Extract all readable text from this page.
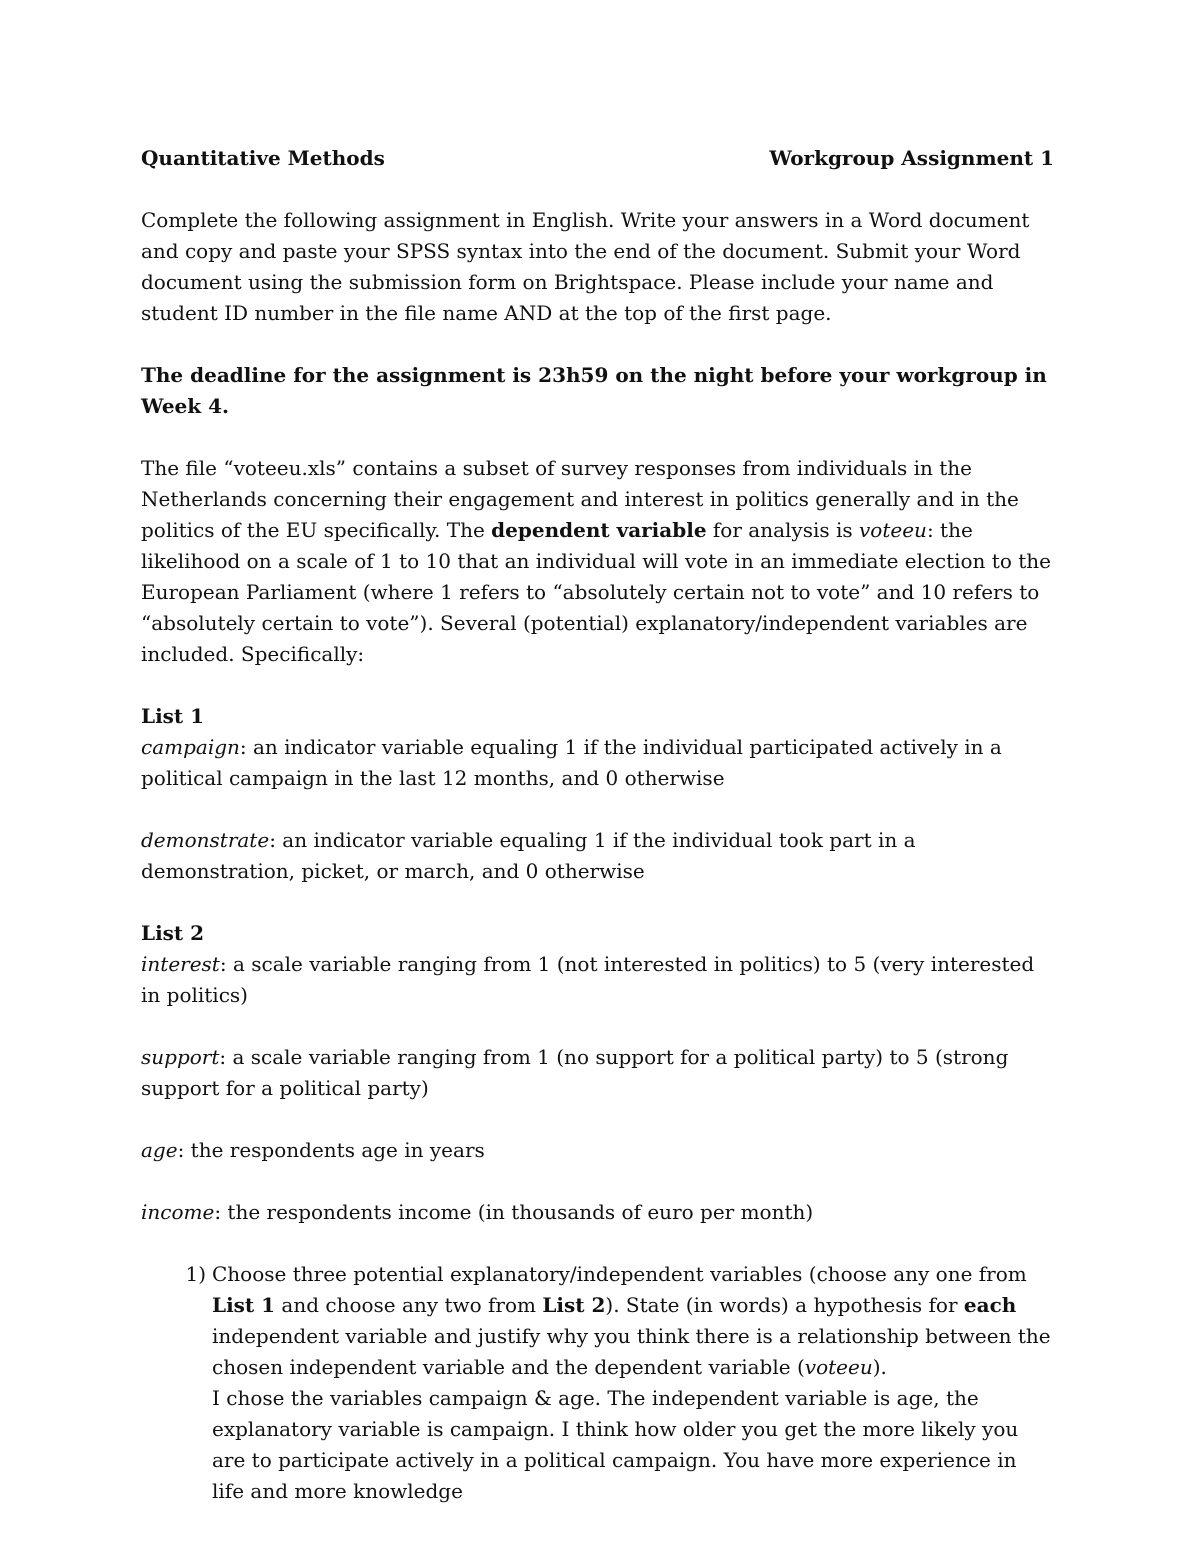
Quantitative Methods	Workgroup Assignment 1

Complete the following assignment in English. Write your answers in a Word document and copy and paste your SPSS syntax into the end of the document. Submit your Word document using the submission form on Brightspace. Please include your name and student ID number in the file name AND at the top of the first page.

The deadline for the assignment is 23h59 on the night before your workgroup in Week 4.

The file “voteeu.xls” contains a subset of survey responses from individuals in the Netherlands concerning their engagement and interest in politics generally and in the politics of the EU specifically. The dependent variable for analysis is voteeu: the likelihood on a scale of 1 to 10 that an individual will vote in an immediate election to the European Parliament (where 1 refers to “absolutely certain not to vote” and 10 refers to “absolutely certain to vote”). Several (potential) explanatory/independent variables are included. Specifically:

List 1

campaign: an indicator variable equaling 1 if the individual participated actively in a political campaign in the last 12 months, and 0 otherwise

demonstrate: an indicator variable equaling 1 if the individual took part in a demonstration, picket, or march, and 0 otherwise

List 2

interest: a scale variable ranging from 1 (not interested in politics) to 5 (very interested in politics)

support: a scale variable ranging from 1 (no support for a political party) to 5 (strong support for a political party)

age: the respondents age in years

income: the respondents income (in thousands of euro per month)

1) Choose three potential explanatory/independent variables (choose any one from List 1 and choose any two from List 2). State (in words) a hypothesis for each independent variable and justify why you think there is a relationship between the chosen independent variable and the dependent variable (voteeu).
I chose the variables campaign & age. The independent variable is age, the explanatory variable is campaign. I think how older you get the more likely you are to participate actively in a political campaign. You have more experience in life and more knowledge
